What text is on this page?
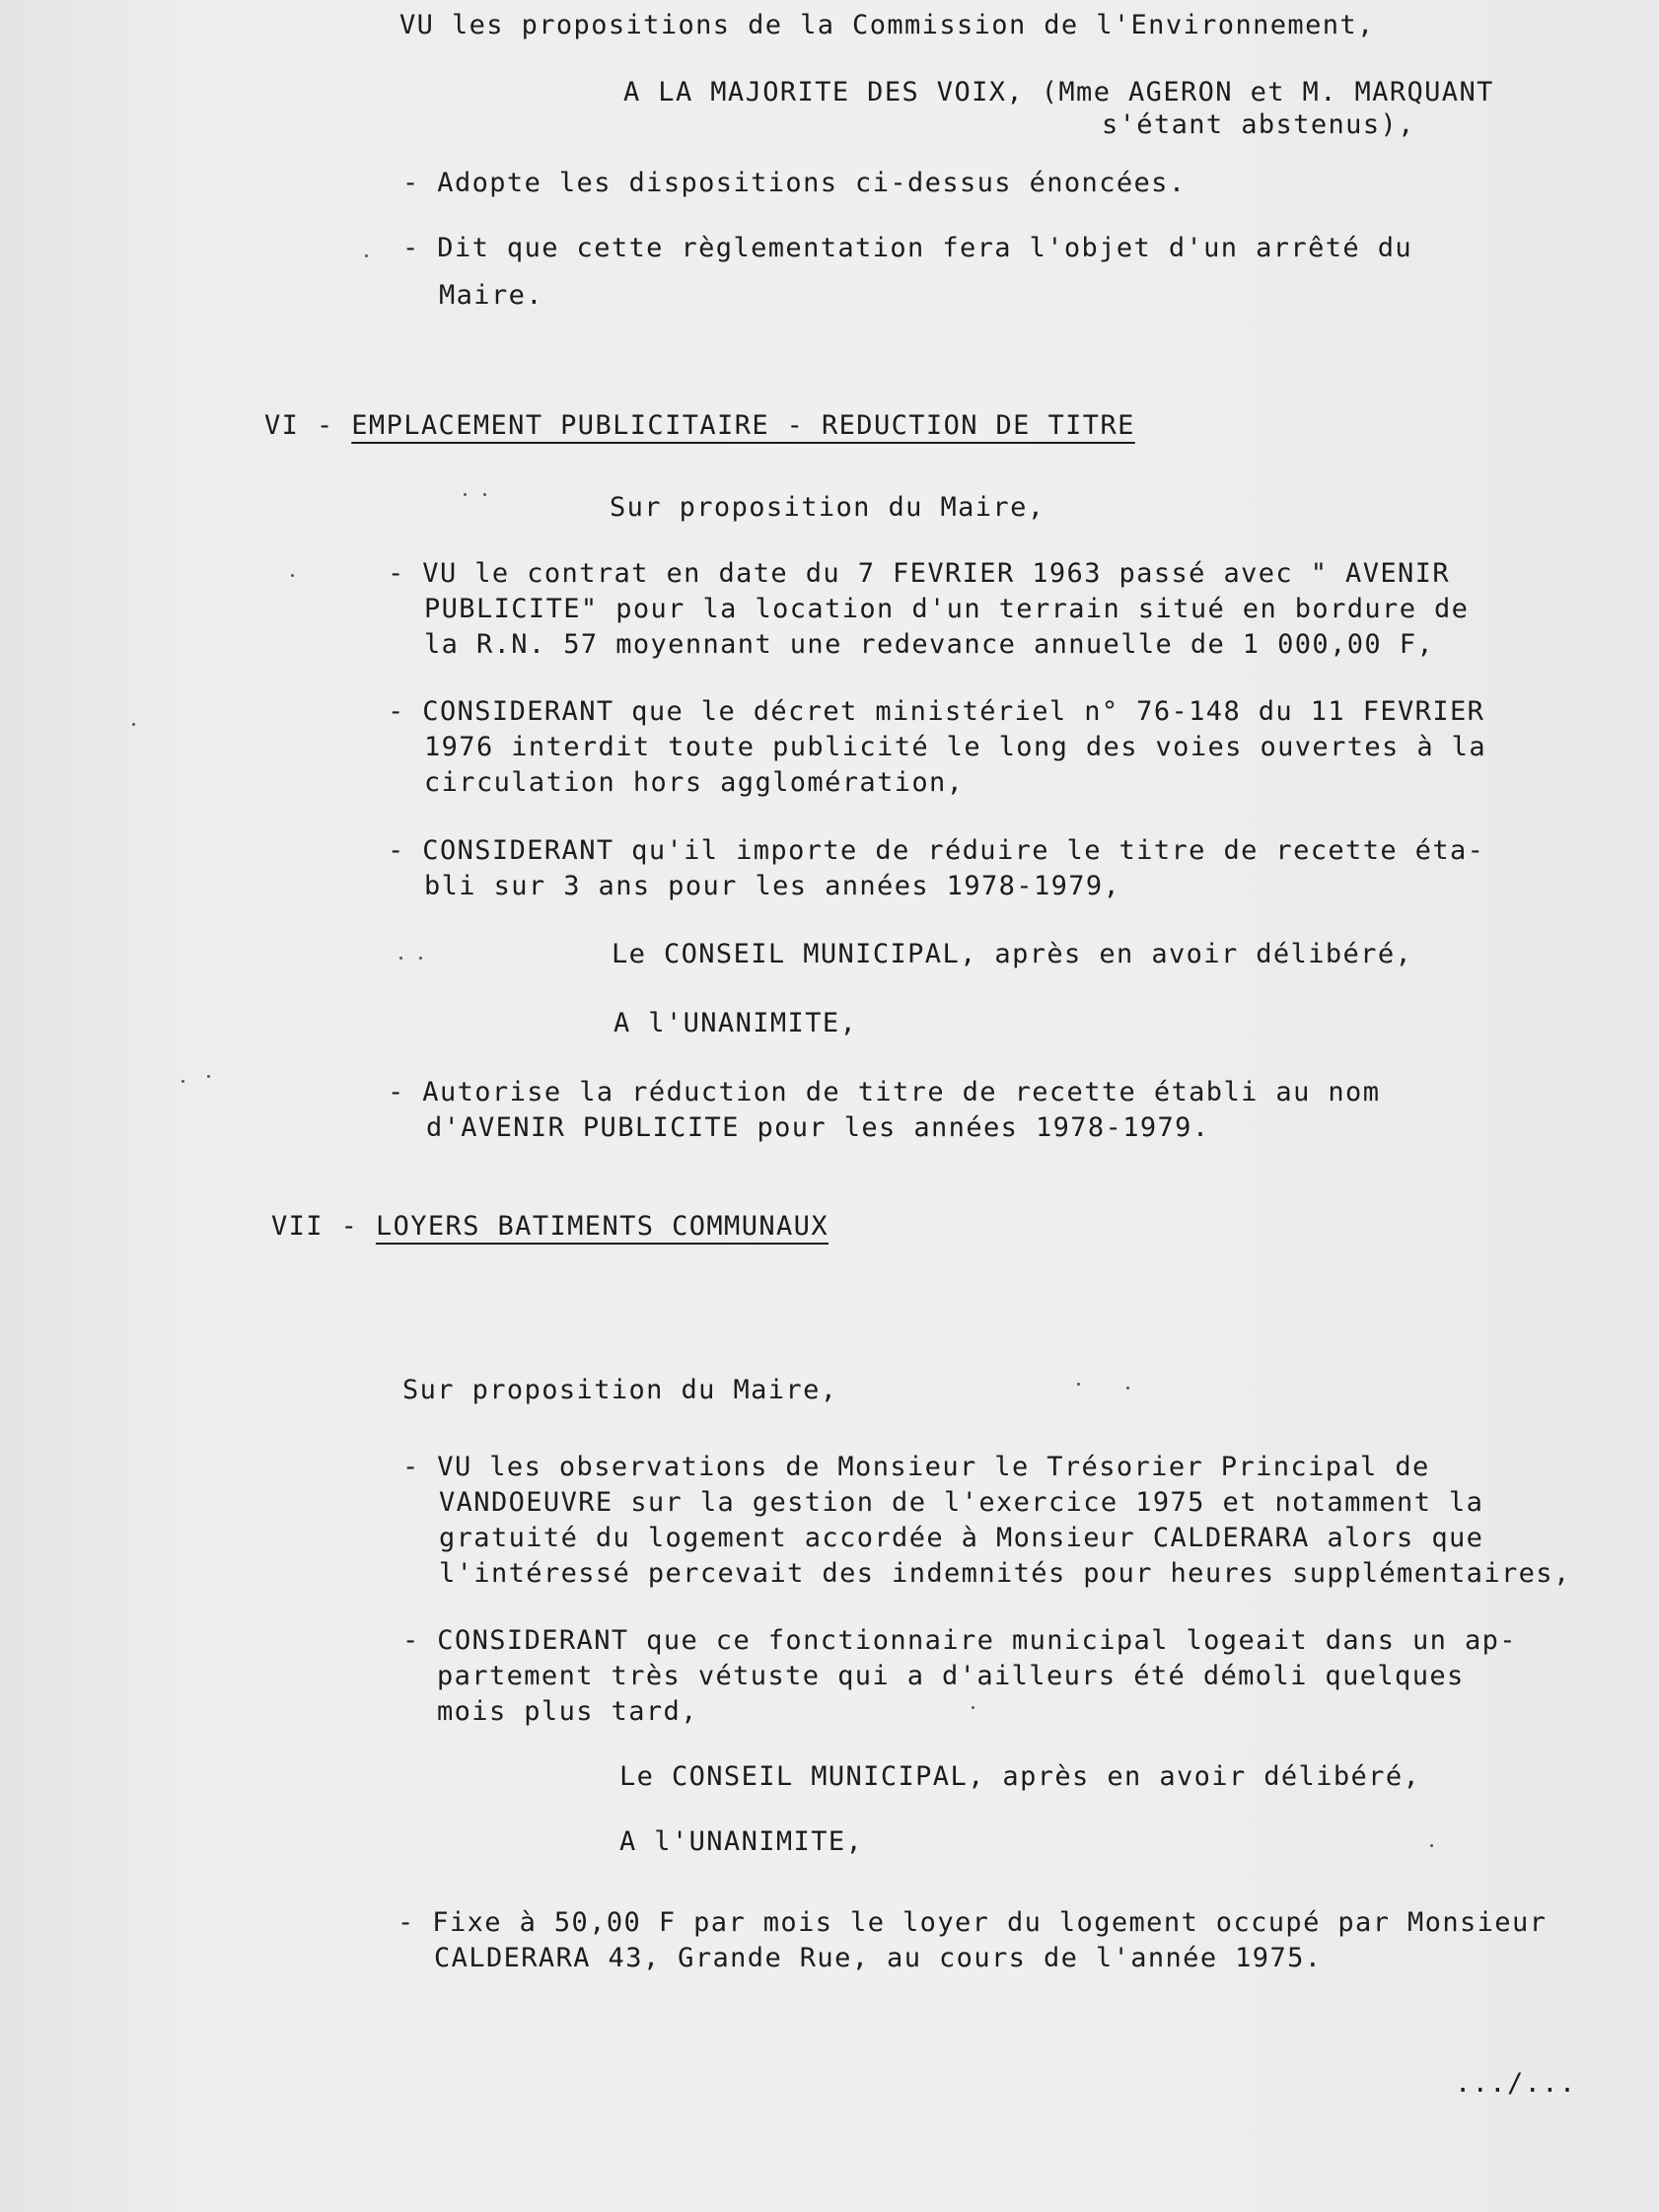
VU les propositions de la Commission de l'Environnement,
A LA MAJORITE DES VOIX, (Mme AGERON et M. MARQUANT
s'étant abstenus),
- Adopte les dispositions ci-dessus énoncées.
- Dit que cette règlementation fera l'objet d'un arrêté du
Maire.
VI - EMPLACEMENT PUBLICITAIRE - REDUCTION DE TITRE
Sur proposition du Maire,
- VU le contrat en date du 7 FEVRIER 1963 passé avec " AVENIR
PUBLICITE" pour la location d'un terrain situé en bordure de
la R.N. 57 moyennant une redevance annuelle de 1 000,00 F,
- CONSIDERANT que le décret ministériel n° 76-148 du 11 FEVRIER
1976 interdit toute publicité le long des voies ouvertes à la
circulation hors agglomération,
- CONSIDERANT qu'il importe de réduire le titre de recette éta-
bli sur 3 ans pour les années 1978-1979,
Le CONSEIL MUNICIPAL, après en avoir délibéré,
A l'UNANIMITE,
- Autorise la réduction de titre de recette établi au nom
d'AVENIR PUBLICITE pour les années 1978-1979.
VII - LOYERS BATIMENTS COMMUNAUX
Sur proposition du Maire,
- VU les observations de Monsieur le Trésorier Principal de
VANDOEUVRE sur la gestion de l'exercice 1975 et notamment la
gratuité du logement accordée à Monsieur CALDERARA alors que
l'intéressé percevait des indemnités pour heures supplémentaires,
- CONSIDERANT que ce fonctionnaire municipal logeait dans un ap-
partement très vétuste qui a d'ailleurs été démoli quelques
mois plus tard,
Le CONSEIL MUNICIPAL, après en avoir délibéré,
A l'UNANIMITE,
- Fixe à 50,00 F par mois le loyer du logement occupé par Monsieur
CALDERARA 43, Grande Rue, au cours de l'année 1975.
.../...
